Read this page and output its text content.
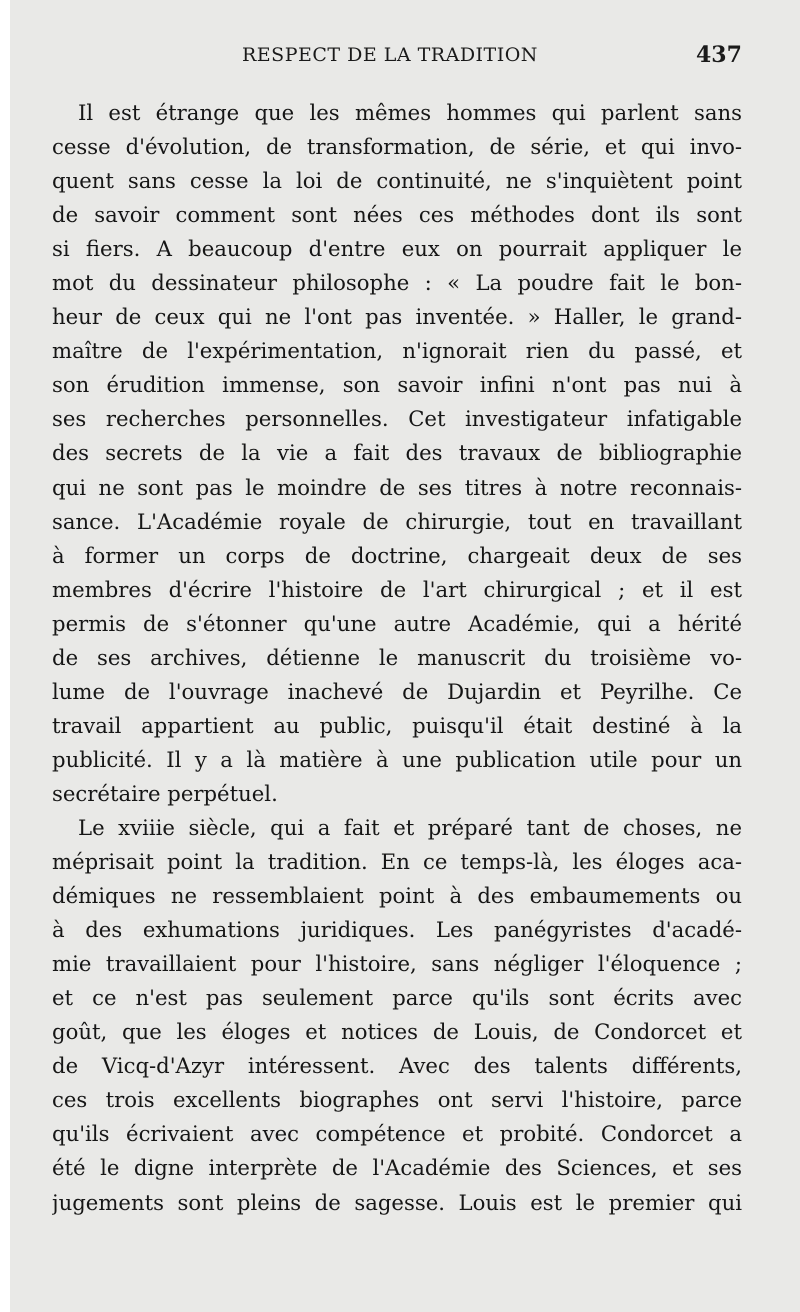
RESPECT DE LA TRADITION	437
Il est étrange que les mêmes hommes qui parlent sans
cesse d'évolution, de transformation, de série, et qui invo-
quent sans cesse la loi de continuité, ne s'inquiètent point
de savoir comment sont nées ces méthodes dont ils sont
si fiers. A beaucoup d'entre eux on pourrait appliquer le
mot du dessinateur philosophe : « La poudre fait le bon-
heur de ceux qui ne l'ont pas inventée. » Haller, le grand-
maître de l'expérimentation, n'ignorait rien du passé, et
son érudition immense, son savoir infini n'ont pas nui à
ses recherches personnelles. Cet investigateur infatigable
des secrets de la vie a fait des travaux de bibliographie
qui ne sont pas le moindre de ses titres à notre reconnais-
sance. L'Académie royale de chirurgie, tout en travaillant
à former un corps de doctrine, chargeait deux de ses
membres d'écrire l'histoire de l'art chirurgical ; et il est
permis de s'étonner qu'une autre Académie, qui a hérité
de ses archives, détienne le manuscrit du troisième vo-
lume de l'ouvrage inachevé de Dujardin et Peyrilhe. Ce
travail appartient au public, puisqu'il était destiné à la
publicité. Il y a là matière à une publication utile pour un
secrétaire perpétuel.
Le xviiie siècle, qui a fait et préparé tant de choses, ne
méprisait point la tradition. En ce temps-là, les éloges aca-
démiques ne ressemblaient point à des embaumements ou
à des exhumations juridiques. Les panégyristes d'acadé-
mie travaillaient pour l'histoire, sans négliger l'éloquence ;
et ce n'est pas seulement parce qu'ils sont écrits avec
goût, que les éloges et notices de Louis, de Condorcet et
de Vicq-d'Azyr intéressent. Avec des talents différents,
ces trois excellents biographes ont servi l'histoire, parce
qu'ils écrivaient avec compétence et probité. Condorcet a
été le digne interprète de l'Académie des Sciences, et ses
jugements sont pleins de sagesse. Louis est le premier qui
